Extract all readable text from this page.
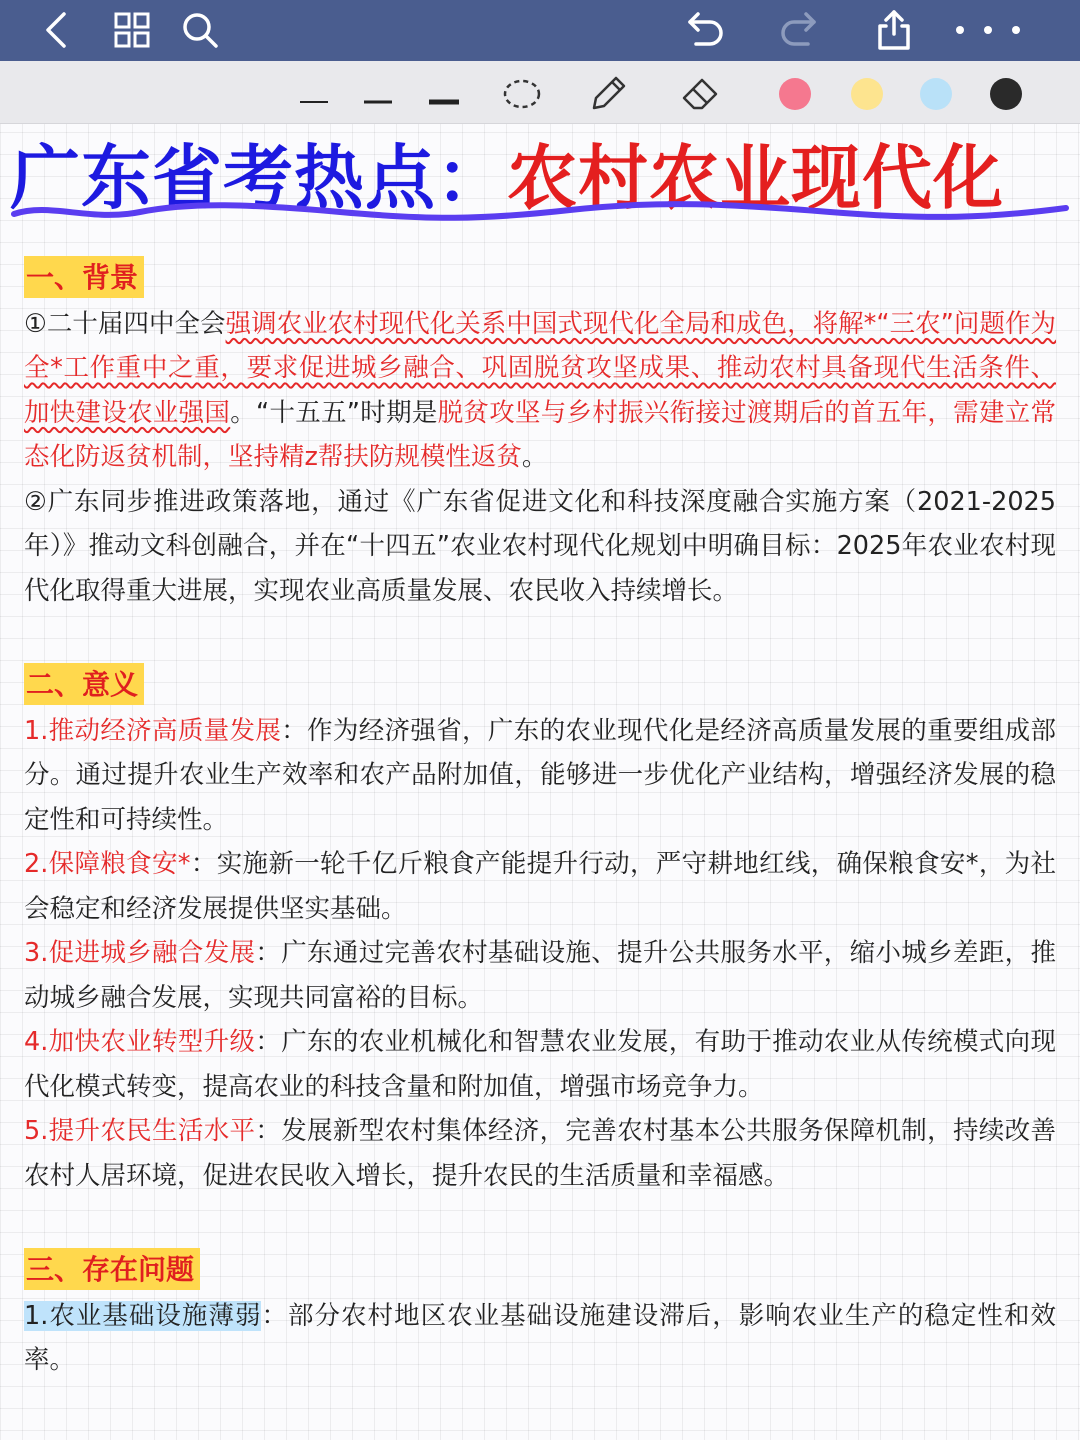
广东省考热点：农村农业现代化
一、背景

①二十届四中全会强调农业农村现代化关系中国式现代化全局和成色，将解*“三农”问题作为全*工作重中之重，要求促进城乡融合、巩固脱贫攻坚成果、推动农村具备现代生活条件、加快建设农业强国。“十五五”时期是脱贫攻坚与乡村振兴衔接过渡期后的首五年，需建立常态化防返贫机制，坚持精z帮扶防规模性返贫。

②广东同步推进政策落地，通过《广东省促进文化和科技深度融合实施方案（2021-2025年）》推动文科创融合，并在“十四五”农业农村现代化规划中明确目标：2025年农业农村现代化取得重大进展，实现农业高质量发展、农民收入持续增长。

二、意义

1.推动经济高质量发展：作为经济强省，广东的农业现代化是经济高质量发展的重要组成部分。通过提升农业生产效率和农产品附加值，能够进一步优化产业结构，增强经济发展的稳定性和可持续性。

2.保障粮食安*：实施新一轮千亿斤粮食产能提升行动，严守耕地红线，确保粮食安*，为社会稳定和经济发展提供坚实基础。

3.促进城乡融合发展：广东通过完善农村基础设施、提升公共服务水平，缩小城乡差距，推动城乡融合发展，实现共同富裕的目标。

4.加快农业转型升级：广东的农业机械化和智慧农业发展，有助于推动农业从传统模式向现代化模式转变，提高农业的科技含量和附加值，增强市场竞争力。

5.提升农民生活水平：发展新型农村集体经济，完善农村基本公共服务保障机制，持续改善农村人居环境，促进农民收入增长，提升农民的生活质量和幸福感。

三、存在问题

1.农业基础设施薄弱：部分农村地区农业基础设施建设滞后，影响农业生产的稳定性和效率。
